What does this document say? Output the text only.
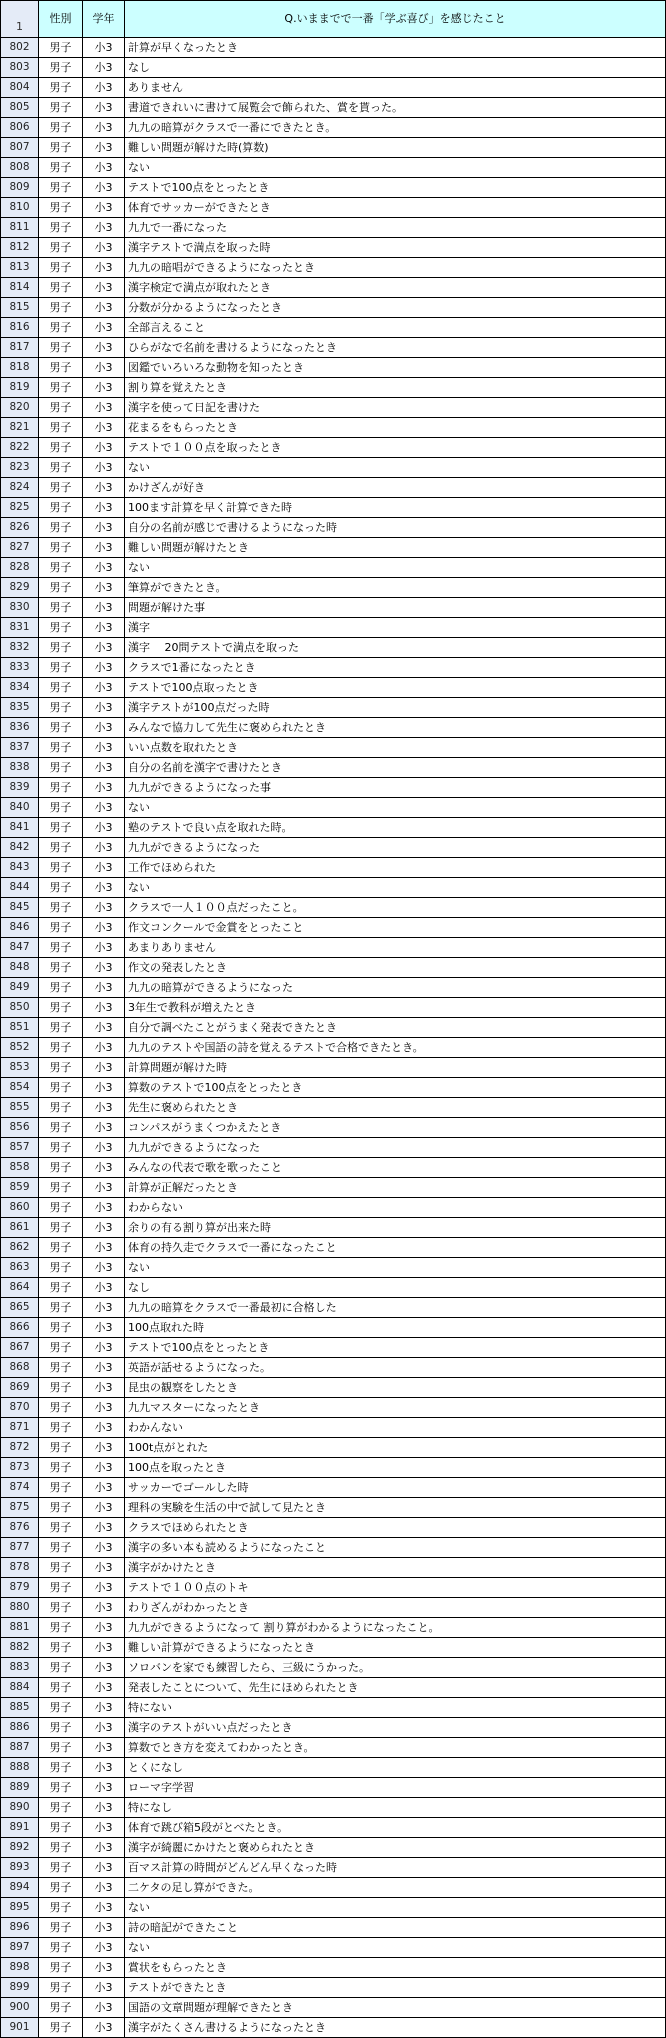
1	性別	学年	Q.いままでで一番「学ぶ喜び」を感じたこと
802	男子	小3	計算が早くなったとき
803	男子	小3	なし
804	男子	小3	ありません
805	男子	小3	書道できれいに書けて展覧会で飾られた、賞を貰った。
806	男子	小3	九九の暗算がクラスで一番にできたとき。
807	男子	小3	難しい問題が解けた時(算数)
808	男子	小3	ない
809	男子	小3	テストで100点をとったとき
810	男子	小3	体育でサッカーができたとき
811	男子	小3	九九で一番になった
812	男子	小3	漢字テストで満点を取った時
813	男子	小3	九九の暗唱ができるようになったとき
814	男子	小3	漢字検定で満点が取れたとき
815	男子	小3	分数が分かるようになったとき
816	男子	小3	全部言えること
817	男子	小3	ひらがなで名前を書けるようになったとき
818	男子	小3	図鑑でいろいろな動物を知ったとき
819	男子	小3	割り算を覚えたとき
820	男子	小3	漢字を使って日記を書けた
821	男子	小3	花まるをもらったとき
822	男子	小3	テストで１００点を取ったとき
823	男子	小3	ない
824	男子	小3	かけざんが好き
825	男子	小3	100ます計算を早く計算できた時
826	男子	小3	自分の名前が感じで書けるようになった時
827	男子	小3	難しい問題が解けたとき
828	男子	小3	ない
829	男子	小3	筆算ができたとき。
830	男子	小3	問題が解けた事
831	男子	小3	漢字
832	男子	小3	漢字　 20問テストで満点を取った
833	男子	小3	クラスで1番になったとき
834	男子	小3	テストで100点取ったとき
835	男子	小3	漢字テストが100点だった時
836	男子	小3	みんなで協力して先生に褒められたとき
837	男子	小3	いい点数を取れたとき
838	男子	小3	自分の名前を漢字で書けたとき
839	男子	小3	九九ができるようになった事
840	男子	小3	ない
841	男子	小3	塾のテストで良い点を取れた時。
842	男子	小3	九九ができるようになった
843	男子	小3	工作でほめられた
844	男子	小3	ない
845	男子	小3	クラスで一人１００点だったこと。
846	男子	小3	作文コンクールで金賞をとったこと
847	男子	小3	あまりありません
848	男子	小3	作文の発表したとき
849	男子	小3	九九の暗算ができるようになった
850	男子	小3	3年生で教科が増えたとき
851	男子	小3	自分で調べたことがうまく発表できたとき
852	男子	小3	九九のテストや国語の詩を覚えるテストで合格できたとき。
853	男子	小3	計算問題が解けた時
854	男子	小3	算数のテストで100点をとったとき
855	男子	小3	先生に褒められたとき
856	男子	小3	コンパスがうまくつかえたとき
857	男子	小3	九九ができるようになった
858	男子	小3	みんなの代表で歌を歌ったこと
859	男子	小3	計算が正解だったとき
860	男子	小3	わからない
861	男子	小3	余りの有る割り算が出来た時
862	男子	小3	体育の持久走でクラスで一番になったこと
863	男子	小3	ない
864	男子	小3	なし
865	男子	小3	九九の暗算をクラスで一番最初に合格した
866	男子	小3	100点取れた時
867	男子	小3	テストで100点をとったとき
868	男子	小3	英語が話せるようになった。
869	男子	小3	昆虫の観察をしたとき
870	男子	小3	九九マスターになったとき
871	男子	小3	わかんない
872	男子	小3	100t点がとれた
873	男子	小3	100点を取ったとき
874	男子	小3	サッカーでゴールした時
875	男子	小3	理科の実験を生活の中で試して見たとき
876	男子	小3	クラスでほめられたとき
877	男子	小3	漢字の多い本も読めるようになったこと
878	男子	小3	漢字がかけたとき
879	男子	小3	テストで１００点のトキ
880	男子	小3	わりざんがわかったとき
881	男子	小3	九九ができるようになって 割り算がわかるようになったこと。
882	男子	小3	難しい計算ができるようになったとき
883	男子	小3	ソロバンを家でも練習したら、三級にうかった。
884	男子	小3	発表したことについて、先生にほめられたとき
885	男子	小3	特にない
886	男子	小3	漢字のテストがいい点だったとき
887	男子	小3	算数でとき方を変えてわかったとき。
888	男子	小3	とくになし
889	男子	小3	ローマ字学習
890	男子	小3	特になし
891	男子	小3	体育で跳び箱5段がとべたとき。
892	男子	小3	漢字が綺麗にかけたと褒められたとき
893	男子	小3	百マス計算の時間がどんどん早くなった時
894	男子	小3	二ケタの足し算ができた。
895	男子	小3	ない
896	男子	小3	詩の暗記ができたこと
897	男子	小3	ない
898	男子	小3	賞状をもらったとき
899	男子	小3	テストができたとき
900	男子	小3	国語の文章問題が理解できたとき
901	男子	小3	漢字がたくさん書けるようになったとき
